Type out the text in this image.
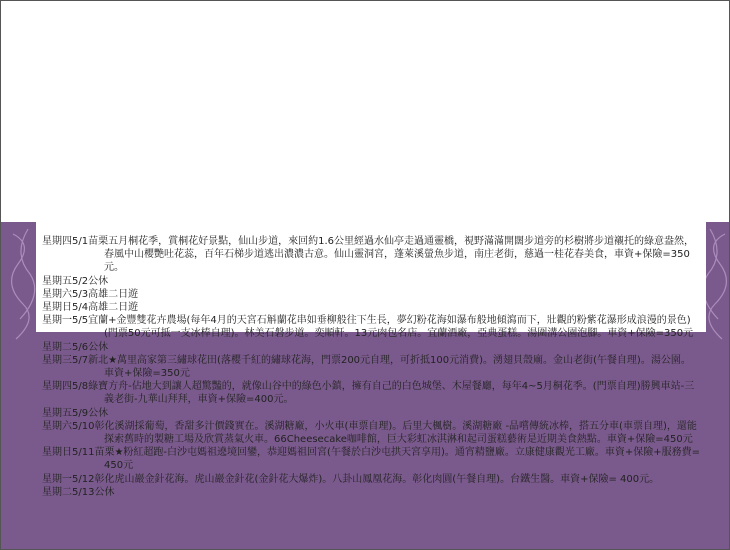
星期四5/1 苗栗五月桐花季，賞桐花好景點，仙山步道，來回約1.6公里經過水仙亭走過通靈橋，視野滿滿開闊步道旁的杉樹將步道襯托的綠意盎然，
春風中山櫻艷吐花蕊，百年石梯步道逃出濃濃古意。仙山靈洞宮，蓬萊溪螢魚步道，南庄老街，慈過一桂花春美食，車資+保險=350元。
星期五5/2 公休
星期六5/3 高雄二日遊
星期日5/4 高雄二日遊
星期一5/5 宜蘭+金豐雙花卉農場(每年4月的天宮石斛蘭花串如垂柳般往下生長，夢幻粉花海如瀑布般地傾瀉而下，壯觀的粉紫花瀑形成浪漫的景色)
(門票50元可抵一支冰棒自理)。林美石磐步道。奕順軒。13元肉包名店。宜蘭酒廠，亞典蛋糕。湯圍溝公園泡腳。車資+保險=350元
星期二5/6 公休
星期三5/7 新北★萬里高家第三繡球花田(落櫻千紅的繡球花海，門票200元自理，可折抵100元消費)。湧翅貝殼廟。金山老街(午餐自理)。湯公園。
車資+保險=350元
星期四5/8 綠寶方舟-佔地大到讓人超驚豔的，就像山谷中的綠色小鎮，擁有自己的白色城堡、木屋餐廳，每年4~5月桐花季。(門票自理)勝興車站-三
義老街-九華山拜拜，車資+保險=400元。
星期五5/9 公休
星期六5/10 彰化溪湖採葡萄，香甜多汁價錢實在。溪湖糖廠，小火車(車票自理)。后里大楓樹。溪湖糖廠 -品嚐傳統冰棒，搭五分車(車票自理)，還能
探索舊時的製糖工場及欣賞蒸氣火車。66Cheesecake咖啡館，巨大彩虹冰淇淋和起司蛋糕藝術是近期美食熱點。車資+保險=450元
星期日5/11 苗栗★粉紅超跑-白沙屯媽祖遶境回鑾，恭迎媽祖回宮(午餐於白沙屯拱天宮享用)。通宵精鹽廠。立康健康觀光工廠。車資+保險+服務費=
450元
星期一5/12 彰化虎山巖金針花海。虎山巖金針花(金針花大爆炸)。八卦山鳳凰花海。彰化肉圓(午餐自理)。台鐵生醫。車資+保險= 400元。
星期二5/13 公休
